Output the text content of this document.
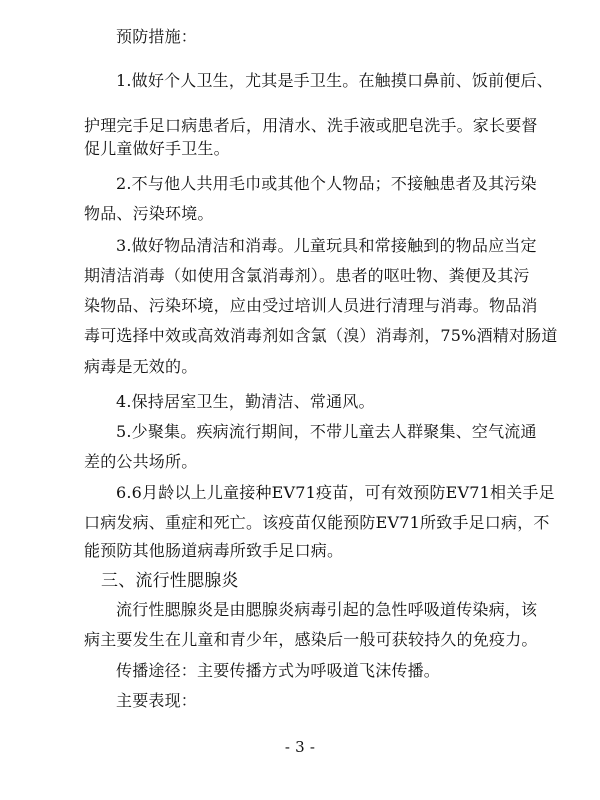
预防措施：
1.做好个人卫生，尤其是手卫生。在触摸口鼻前、饭前便后、
护理完手足口病患者后，用清水、洗手液或肥皂洗手。家长要督
促儿童做好手卫生。
2.不与他人共用毛巾或其他个人物品；不接触患者及其污染
物品、污染环境。
3.做好物品清洁和消毒。儿童玩具和常接触到的物品应当定
期清洁消毒（如使用含氯消毒剂）。患者的呕吐物、粪便及其污
染物品、污染环境，应由受过培训人员进行清理与消毒。物品消
毒可选择中效或高效消毒剂如含氯（溴）消毒剂，75%酒精对肠道
病毒是无效的。
4.保持居室卫生，勤清洁、常通风。
5.少聚集。疾病流行期间，不带儿童去人群聚集、空气流通
差的公共场所。
6.6月龄以上儿童接种EV71疫苗，可有效预防EV71相关手足
口病发病、重症和死亡。该疫苗仅能预防EV71所致手足口病，不
能预防其他肠道病毒所致手足口病。
三、流行性腮腺炎
流行性腮腺炎是由腮腺炎病毒引起的急性呼吸道传染病，该
病主要发生在儿童和青少年，感染后一般可获较持久的免疫力。
传播途径：主要传播方式为呼吸道飞沫传播。
主要表现：
- 3 -
